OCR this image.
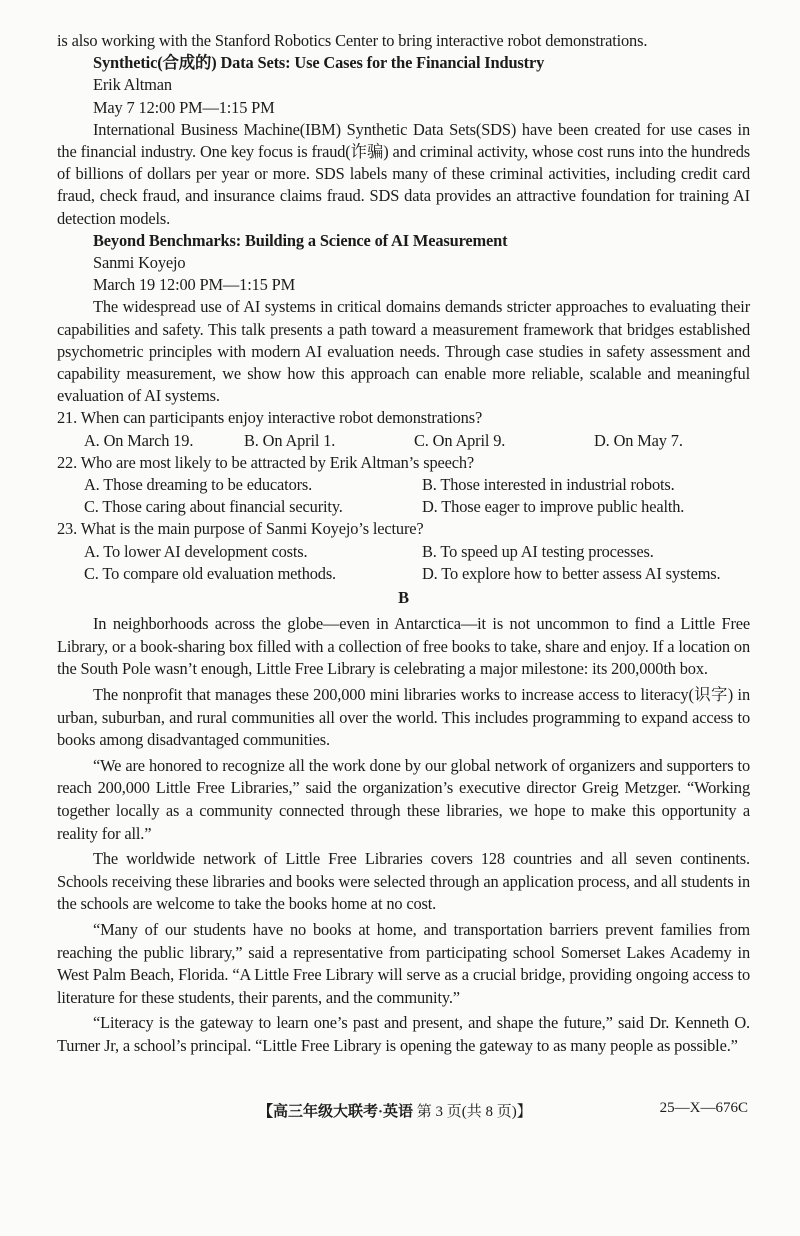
is also working with the Stanford Robotics Center to bring interactive robot demonstrations.
Synthetic(合成的) Data Sets: Use Cases for the Financial Industry
Erik Altman
May 7 12:00 PM—1:15 PM

International Business Machine(IBM) Synthetic Data Sets(SDS) have been created for use cases in the financial industry. One key focus is fraud(诈骗) and criminal activity, whose cost runs into the hundreds of billions of dollars per year or more. SDS labels many of these criminal activities, including credit card fraud, check fraud, and insurance claims fraud. SDS data provides an attractive foundation for training AI detection models.

Beyond Benchmarks: Building a Science of AI Measurement
Sanmi Koyejo
March 19 12:00 PM—1:15 PM

The widespread use of AI systems in critical domains demands stricter approaches to evaluating their capabilities and safety. This talk presents a path toward a measurement framework that bridges established psychometric principles with modern AI evaluation needs. Through case studies in safety assessment and capability measurement, we show how this approach can enable more reliable, scalable and meaningful evaluation of AI systems.

21. When can participants enjoy interactive robot demonstrations?
A. On March 19.	B. On April 1.	C. On April 9.	D. On May 7.
22. Who are most likely to be attracted by Erik Altman’s speech?
A. Those dreaming to be educators.	B. Those interested in industrial robots.
C. Those caring about financial security.	D. Those eager to improve public health.
23. What is the main purpose of Sanmi Koyejo’s lecture?
A. To lower AI development costs.	B. To speed up AI testing processes.
C. To compare old evaluation methods.	D. To explore how to better assess AI systems.
B

In neighborhoods across the globe—even in Antarctica—it is not uncommon to find a Little Free Library, or a book-sharing box filled with a collection of free books to take, share and enjoy. If a location on the South Pole wasn’t enough, Little Free Library is celebrating a major milestone: its 200,000th box.

The nonprofit that manages these 200,000 mini libraries works to increase access to literacy(识字) in urban, suburban, and rural communities all over the world. This includes programming to expand access to books among disadvantaged communities.

“We are honored to recognize all the work done by our global network of organizers and supporters to reach 200,000 Little Free Libraries,” said the organization’s executive director Greig Metzger. “Working together locally as a community connected through these libraries, we hope to make this opportunity a reality for all.”

The worldwide network of Little Free Libraries covers 128 countries and all seven continents. Schools receiving these libraries and books were selected through an application process, and all students in the schools are welcome to take the books home at no cost.

“Many of our students have no books at home, and transportation barriers prevent families from reaching the public library,” said a representative from participating school Somerset Lakes Academy in West Palm Beach, Florida. “A Little Free Library will serve as a crucial bridge, providing ongoing access to literature for these students, their parents, and the community.”

“Literacy is the gateway to learn one’s past and present, and shape the future,” said Dr. Kenneth O. Turner Jr, a school’s principal. “Little Free Library is opening the gateway to as many people as possible.”

【高三年级大联考·英语 第 3 页(共 8 页)】	25—X—676C
